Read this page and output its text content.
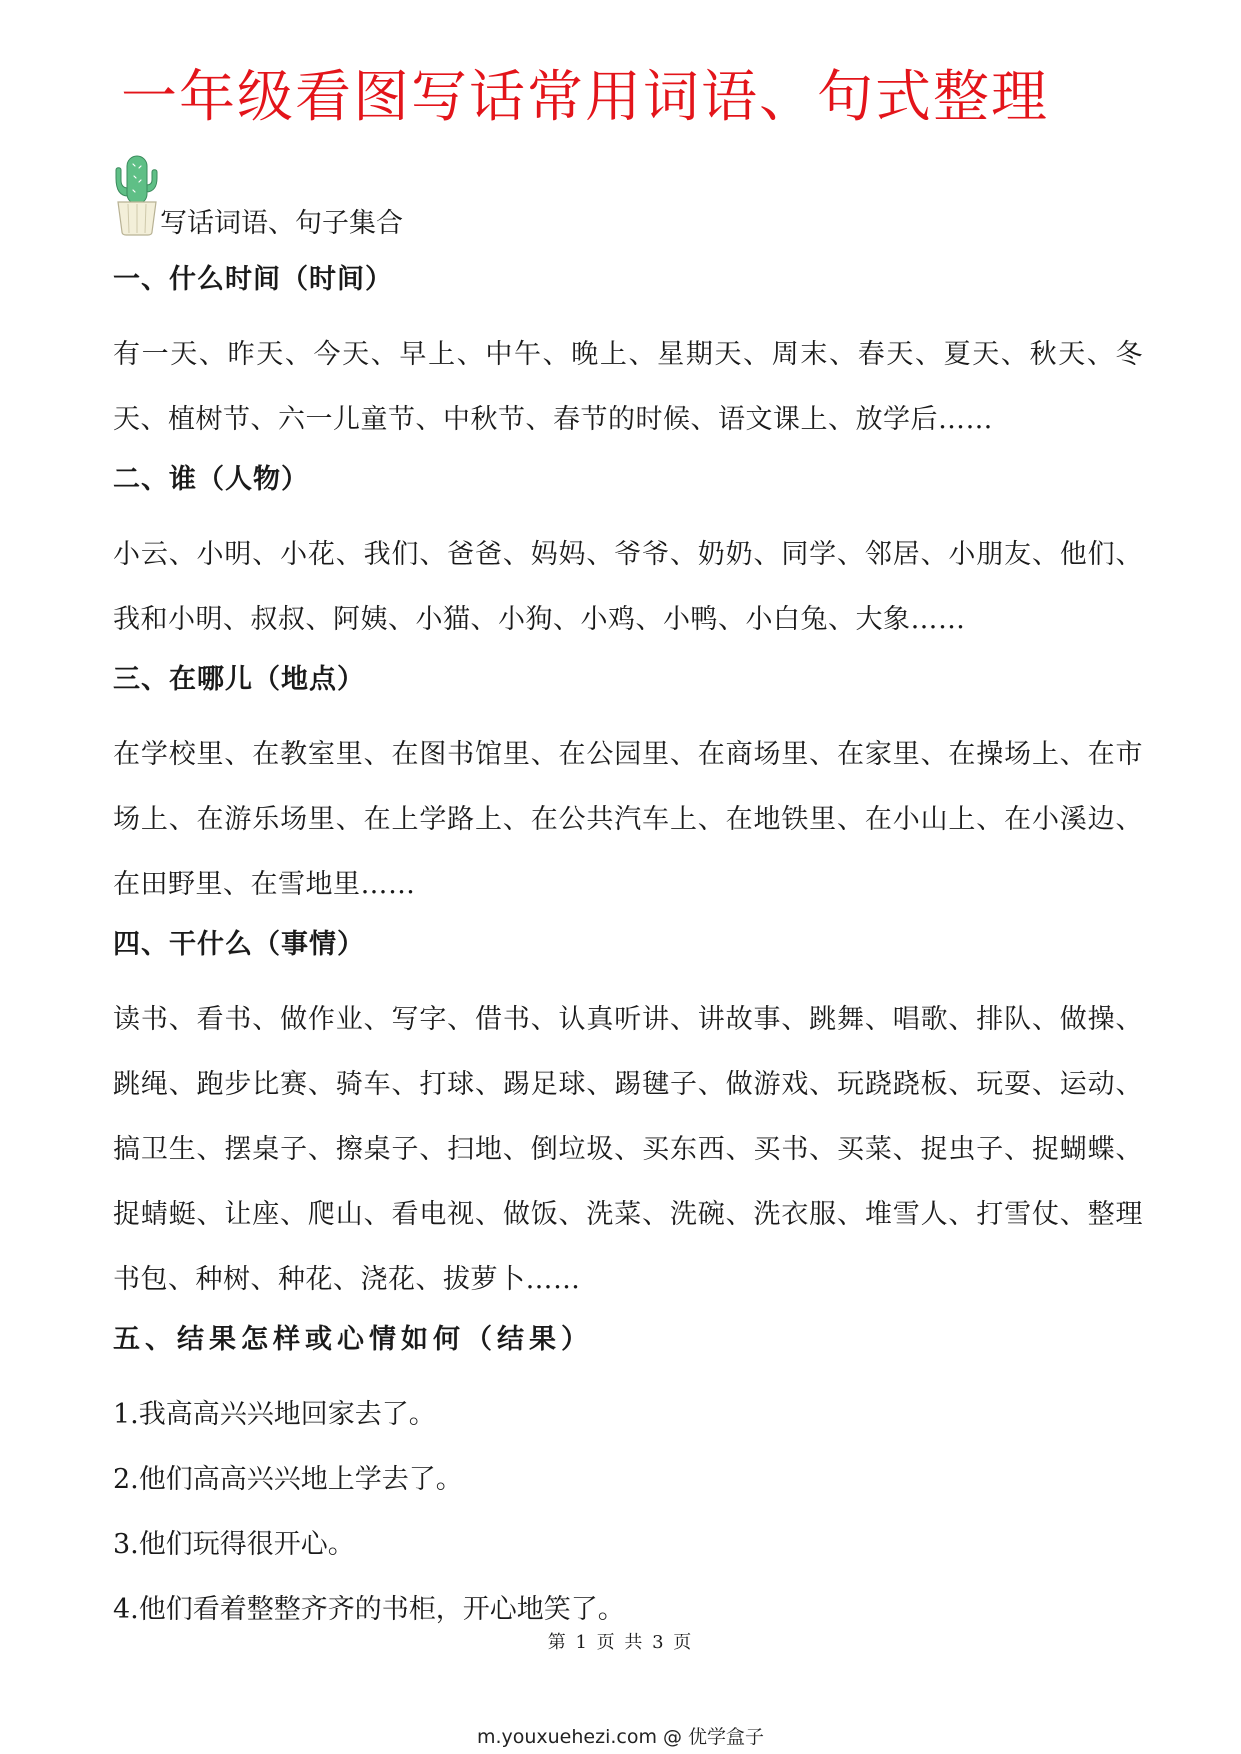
一年级看图写话常用词语、句式整理

写话词语、句子集合

一、什么时间（时间）

有一天、昨天、今天、早上、中午、晚上、星期天、周末、春天、夏天、秋天、冬天、植树节、六一儿童节、中秋节、春节的时候、语文课上、放学后……

二、谁（人物）

小云、小明、小花、我们、爸爸、妈妈、爷爷、奶奶、同学、邻居、小朋友、他们、我和小明、叔叔、阿姨、小猫、小狗、小鸡、小鸭、小白兔、大象……

三、在哪儿（地点）

在学校里、在教室里、在图书馆里、在公园里、在商场里、在家里、在操场上、在市场上、在游乐场里、在上学路上、在公共汽车上、在地铁里、在小山上、在小溪边、在田野里、在雪地里……

四、干什么（事情）

读书、看书、做作业、写字、借书、认真听讲、讲故事、跳舞、唱歌、排队、做操、跳绳、跑步比赛、骑车、打球、踢足球、踢毽子、做游戏、玩跷跷板、玩耍、运动、搞卫生、摆桌子、擦桌子、扫地、倒垃圾、买东西、买书、买菜、捉虫子、捉蝴蝶、捉蜻蜓、让座、爬山、看电视、做饭、洗菜、洗碗、洗衣服、堆雪人、打雪仗、整理书包、种树、种花、浇花、拔萝卜……

五、结果怎样或心情如何（结果）
1.我高高兴兴地回家去了。
2.他们高高兴兴地上学去了。
3.他们玩得很开心。
4.他们看着整整齐齐的书柜，开心地笑了。
第 1 页 共 3 页
m.youxuehezi.com @ 优学盒子
